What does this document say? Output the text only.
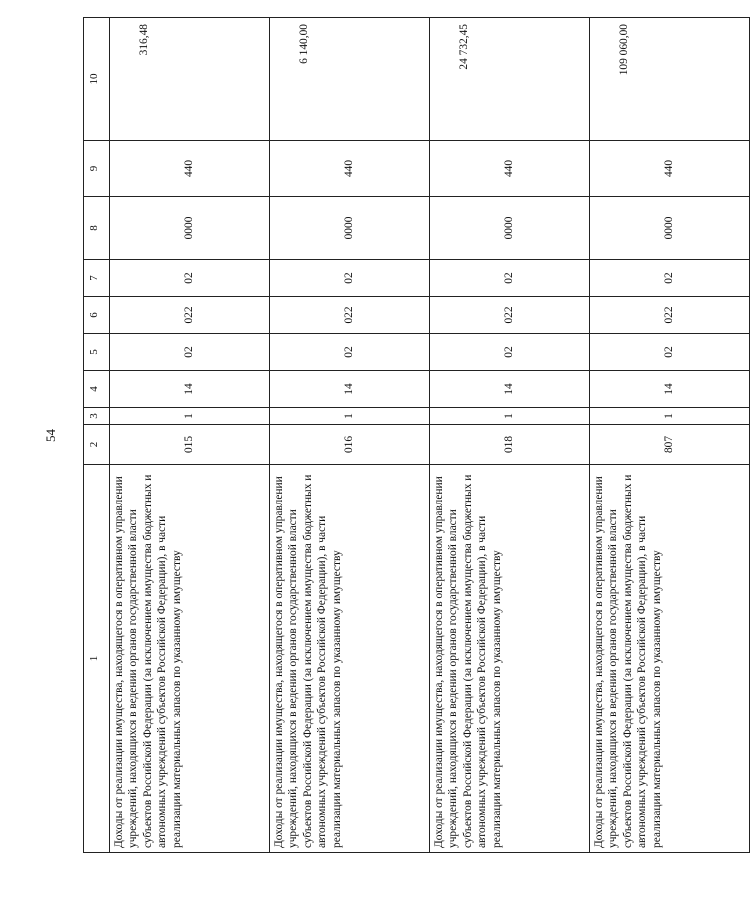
54
1	2	3	4	5	6	7	8	9	10
Доходы от реализации имущества, находящегося в оперативном управлении учреждений, находящихся в ведении органов государственной власти субъектов Российской Федерации (за исключением имущества бюджетных и автономных учреждений субъектов Российской Федерации), в части реализации материальных запасов по указанному имуществу	015	1	14	02	022	02	0000	440	316,48
Доходы от реализации имущества, находящегося в оперативном управлении учреждений, находящихся в ведении органов государственной власти субъектов Российской Федерации (за исключением имущества бюджетных и автономных учреждений субъектов Российской Федерации), в части реализации материальных запасов по указанному имуществу	016	1	14	02	022	02	0000	440	6 140,00
Доходы от реализации имущества, находящегося в оперативном управлении учреждений, находящихся в ведении органов государственной власти субъектов Российской Федерации (за исключением имущества бюджетных и автономных учреждений субъектов Российской Федерации), в части реализации материальных запасов по указанному имуществу	018	1	14	02	022	02	0000	440	24 732,45
Доходы от реализации имущества, находящегося в оперативном управлении учреждений, находящихся в ведении органов государственной власти субъектов Российской Федерации (за исключением имущества бюджетных и автономных учреждений субъектов Российской Федерации), в части реализации материальных запасов по указанному имуществу	807	1	14	02	022	02	0000	440	109 060,00
